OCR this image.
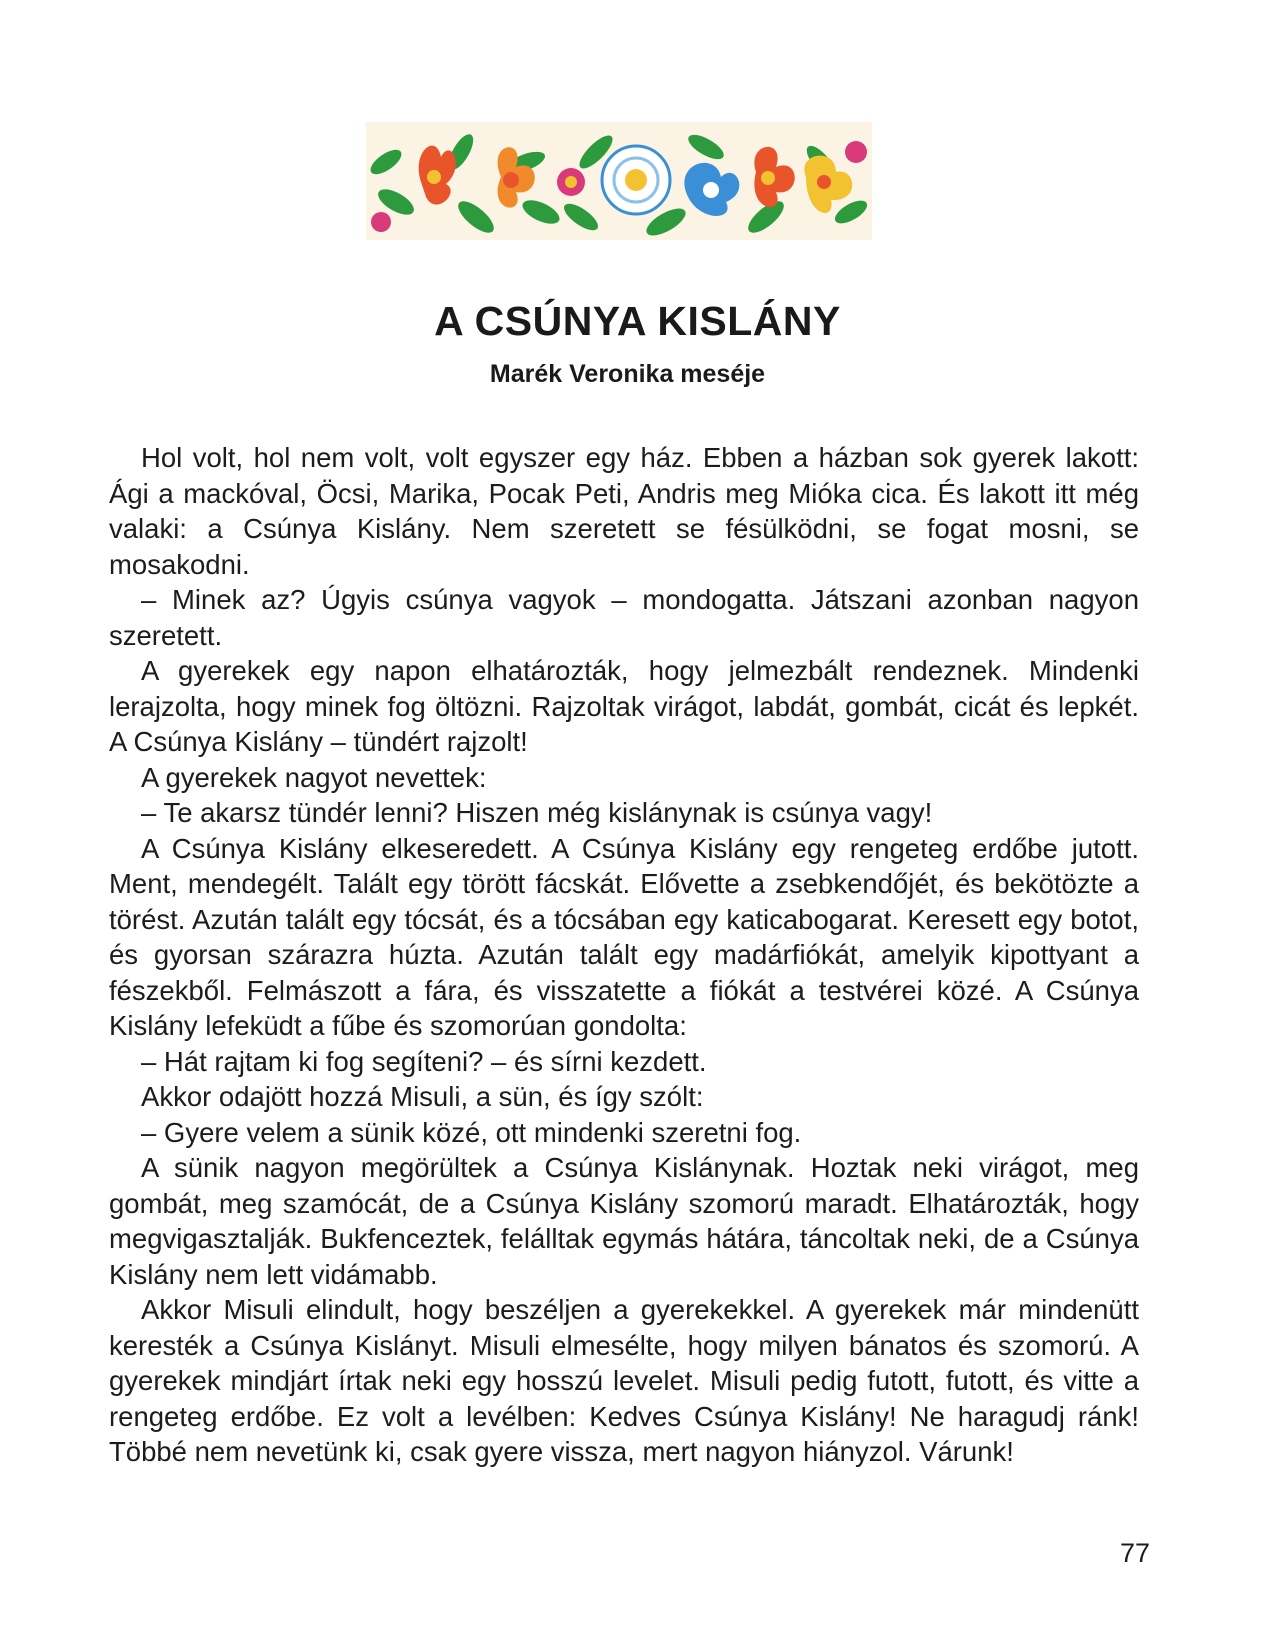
A CSÚNYA KISLÁNY
Marék Veronika meséje

Hol volt, hol nem volt, volt egyszer egy ház. Ebben a házban sok gyerek lakott: Ági a mackóval, Öcsi, Marika, Pocak Peti, Andris meg Mióka cica. És lakott itt még valaki: a Csúnya Kislány. Nem szeretett se fésülködni, se fogat mosni, se mosakodni.

– Minek az? Úgyis csúnya vagyok – mondogatta. Játszani azonban nagyon szeretett.

A gyerekek egy napon elhatározták, hogy jelmezbált rendeznek. Mindenki lerajzolta, hogy minek fog öltözni. Rajzoltak virágot, labdát, gombát, cicát és lepkét. A Csúnya Kislány – tündért rajzolt!

A gyerekek nagyot nevettek:

– Te akarsz tündér lenni? Hiszen még kislánynak is csúnya vagy!

A Csúnya Kislány elkeseredett. A Csúnya Kislány egy rengeteg erdőbe jutott. Ment, mendegélt. Talált egy törött fácskát. Elővette a zsebkendőjét, és bekötözte a törést. Azután talált egy tócsát, és a tócsában egy katicabogarat. Keresett egy botot, és gyorsan szárazra húzta. Azután talált egy madárfiókát, amelyik kipottyant a fészekből. Felmászott a fára, és visszatette a fiókát a testvérei közé. A Csúnya Kislány lefeküdt a fűbe és szomorúan gondolta:

– Hát rajtam ki fog segíteni? – és sírni kezdett.

Akkor odajött hozzá Misuli, a sün, és így szólt:

– Gyere velem a sünik közé, ott mindenki szeretni fog.

A sünik nagyon megörültek a Csúnya Kislánynak. Hoztak neki virágot, meg gombát, meg szamócát, de a Csúnya Kislány szomorú maradt. Elhatározták, hogy megvigasztalják. Bukfenceztek, felálltak egymás hátára, táncoltak neki, de a Csúnya Kislány nem lett vidámabb.

Akkor Misuli elindult, hogy beszéljen a gyerekekkel. A gyerekek már mindenütt keresték a Csúnya Kislányt. Misuli elmesélte, hogy milyen bánatos és szomorú. A gyerekek mindjárt írtak neki egy hosszú levelet. Misuli pedig futott, futott, és vitte a rengeteg erdőbe. Ez volt a levélben: Kedves Csúnya Kislány! Ne haragudj ránk! Többé nem nevetünk ki, csak gyere vissza, mert nagyon hiányzol. Várunk!

77
